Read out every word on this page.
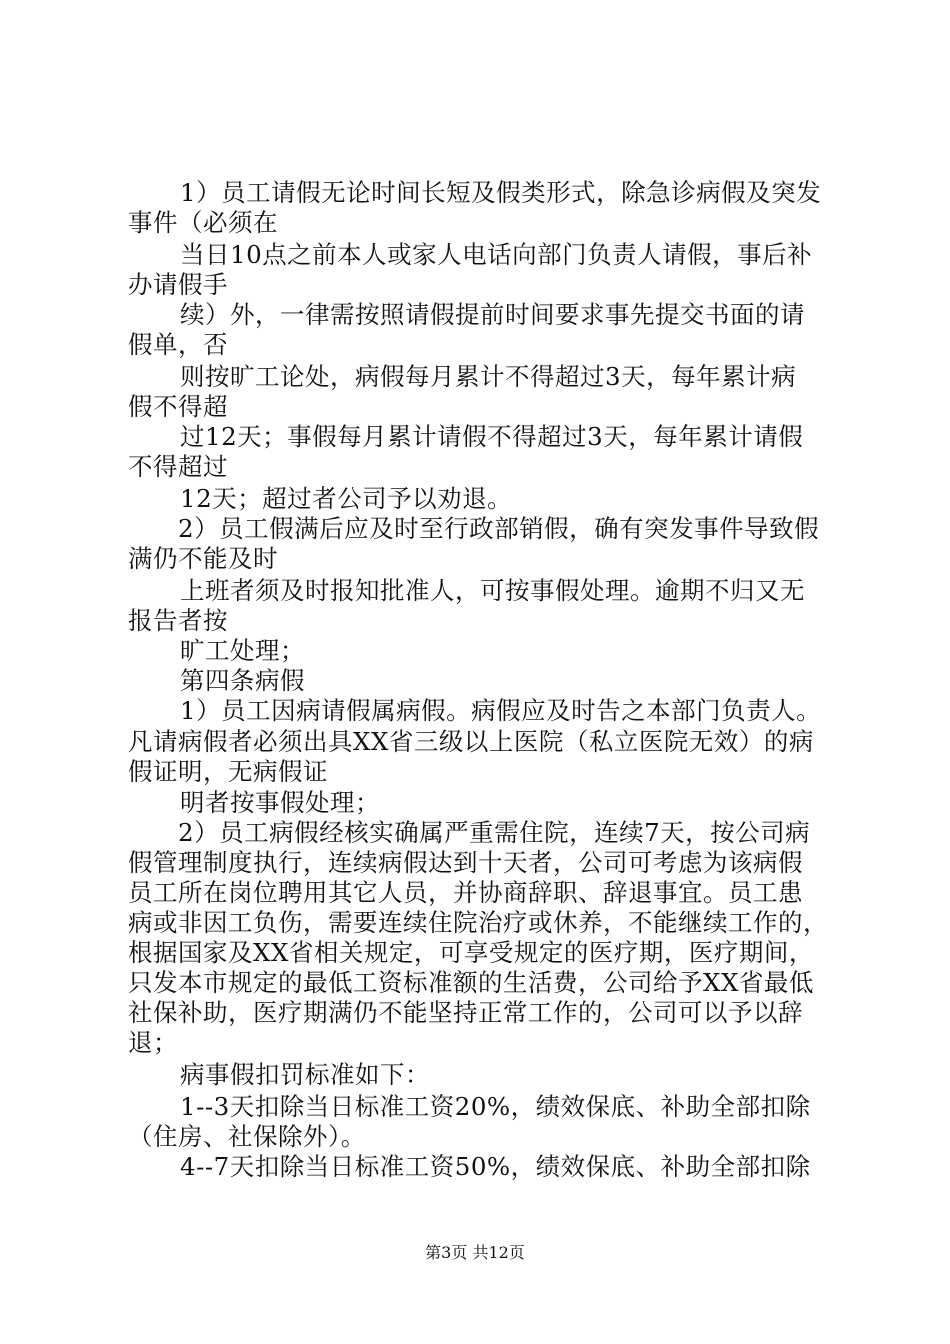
1）员工请假无论时间长短及假类形式，除急诊病假及突发
事件（必须在
当日10点之前本人或家人电话向部门负责人请假，事后补
办请假手
续）外，一律需按照请假提前时间要求事先提交书面的请
假单，否
则按旷工论处，病假每月累计不得超过3天，每年累计病
假不得超
过12天；事假每月累计请假不得超过3天，每年累计请假
不得超过
12天；超过者公司予以劝退。
2）员工假满后应及时至行政部销假，确有突发事件导致假
满仍不能及时
上班者须及时报知批准人，可按事假处理。逾期不归又无
报告者按
旷工处理；
第四条病假
1）员工因病请假属病假。病假应及时告之本部门负责人。
凡请病假者必须出具XX省三级以上医院（私立医院无效）的病
假证明，无病假证
明者按事假处理；
2）员工病假经核实确属严重需住院，连续7天，按公司病
假管理制度执行，连续病假达到十天者，公司可考虑为该病假
员工所在岗位聘用其它人员，并协商辞职、辞退事宜。员工患
病或非因工负伤，需要连续住院治疗或休养，不能继续工作的，
根据国家及XX省相关规定，可享受规定的医疗期，医疗期间，
只发本市规定的最低工资标准额的生活费，公司给予XX省最低
社保补助，医疗期满仍不能坚持正常工作的，公司可以予以辞
退；
病事假扣罚标准如下：
1--3天扣除当日标准工资20%，绩效保底、补助全部扣除
（住房、社保除外）。
4--7天扣除当日标准工资50%，绩效保底、补助全部扣除
第3页 共12页
